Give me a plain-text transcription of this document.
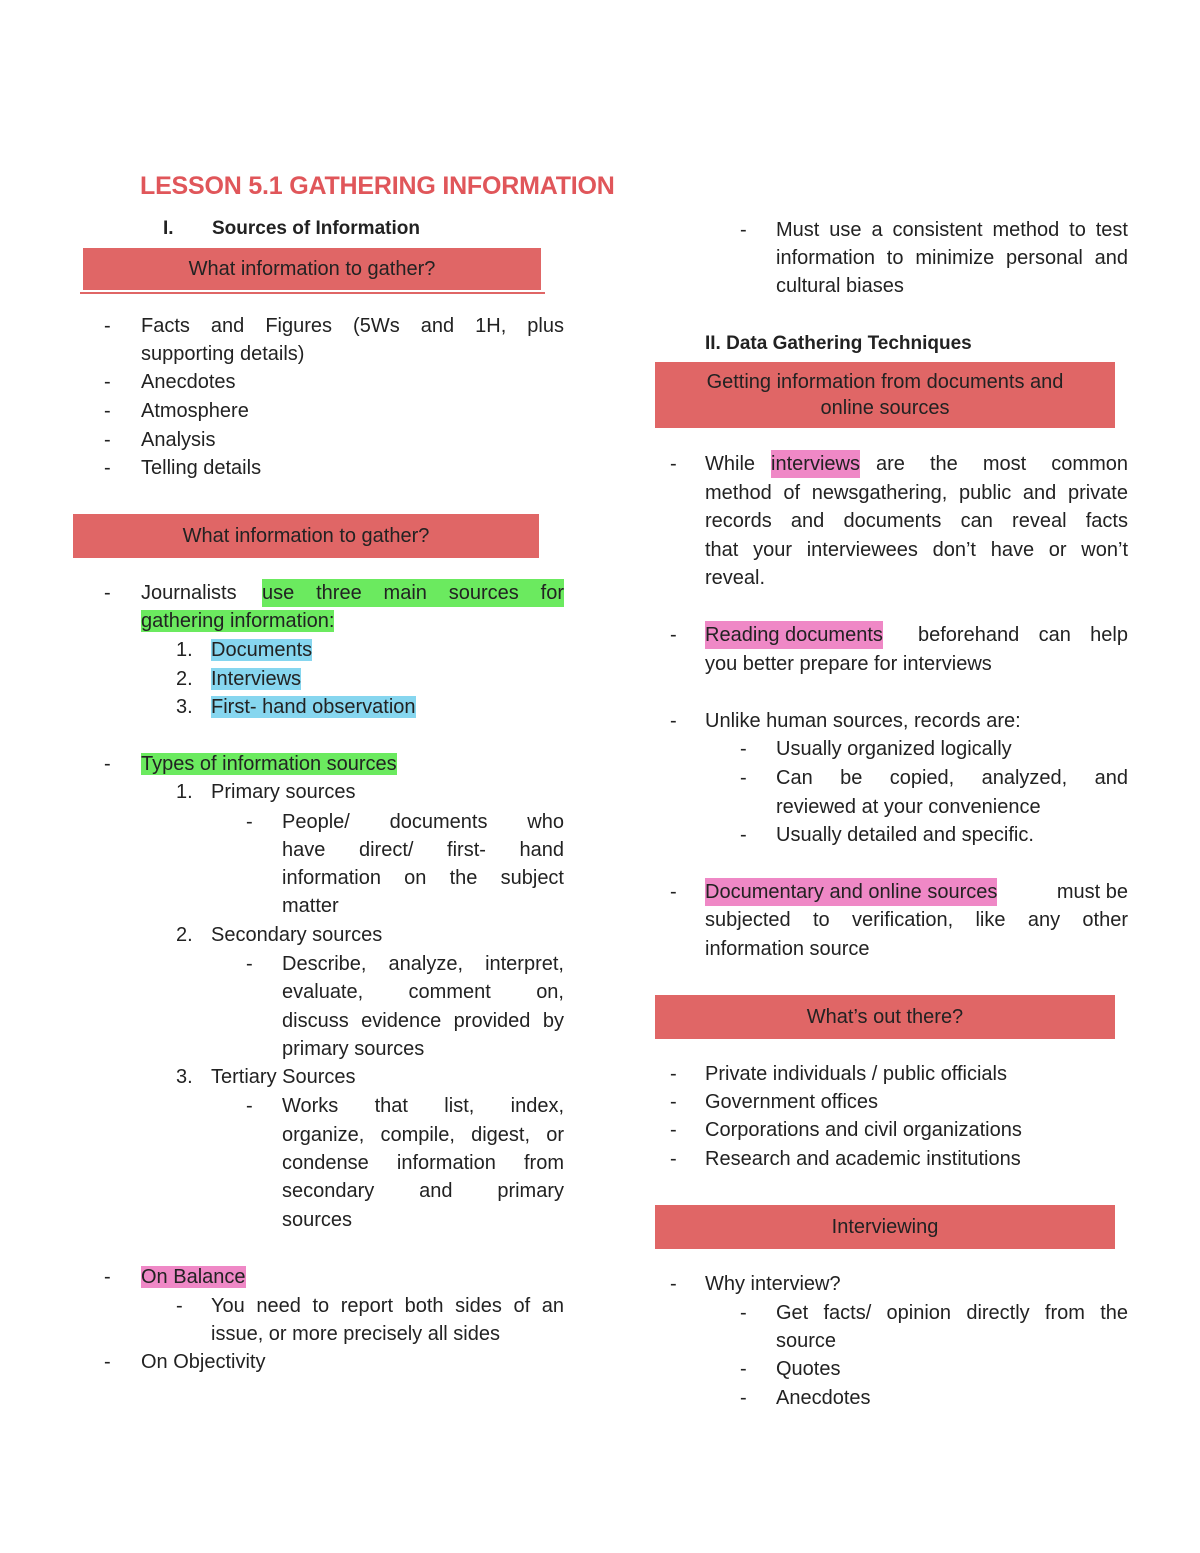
LESSON 5.1 GATHERING INFORMATION
I. Sources of Information
What information to gather?
- Facts and Figures (5Ws and 1H, plus
supporting details)
- Anecdotes
- Atmosphere
- Analysis
- Telling details
What information to gather?
- Journalists use three main sources for
gathering information:
1. Documents
2. Interviews
3. First- hand observation
- Types of information sources
1. Primary sources
- People/ documents who
have direct/ first- hand
information on the subject
matter
2. Secondary sources
- Describe, analyze, interpret,
evaluate, comment on,
discuss evidence provided by
primary sources
3. Tertiary Sources
- Works that list, index,
organize, compile, digest, or
condense information from
secondary and primary
sources
- On Balance
- You need to report both sides of an
issue, or more precisely all sides
- On Objectivity
- Must use a consistent method to test
information to minimize personal and
cultural biases
II. Data Gathering Techniques
Getting information from documents and
online sources
- While interviews are the most common
method of newsgathering, public and private
records and documents can reveal facts
that your interviewees don’t have or won’t
reveal.
- Reading documents beforehand can help
you better prepare for interviews
- Unlike human sources, records are:
- Usually organized logically
- Can be copied, analyzed, and
reviewed at your convenience
- Usually detailed and specific.
- Documentary and online sources	must be
subjected to verification, like any other
information source
What’s out there?
- Private individuals / public officials
- Government offices
- Corporations and civil organizations
- Research and academic institutions
Interviewing
- Why interview?
- Get facts/ opinion directly from the
source
- Quotes
- Anecdotes
